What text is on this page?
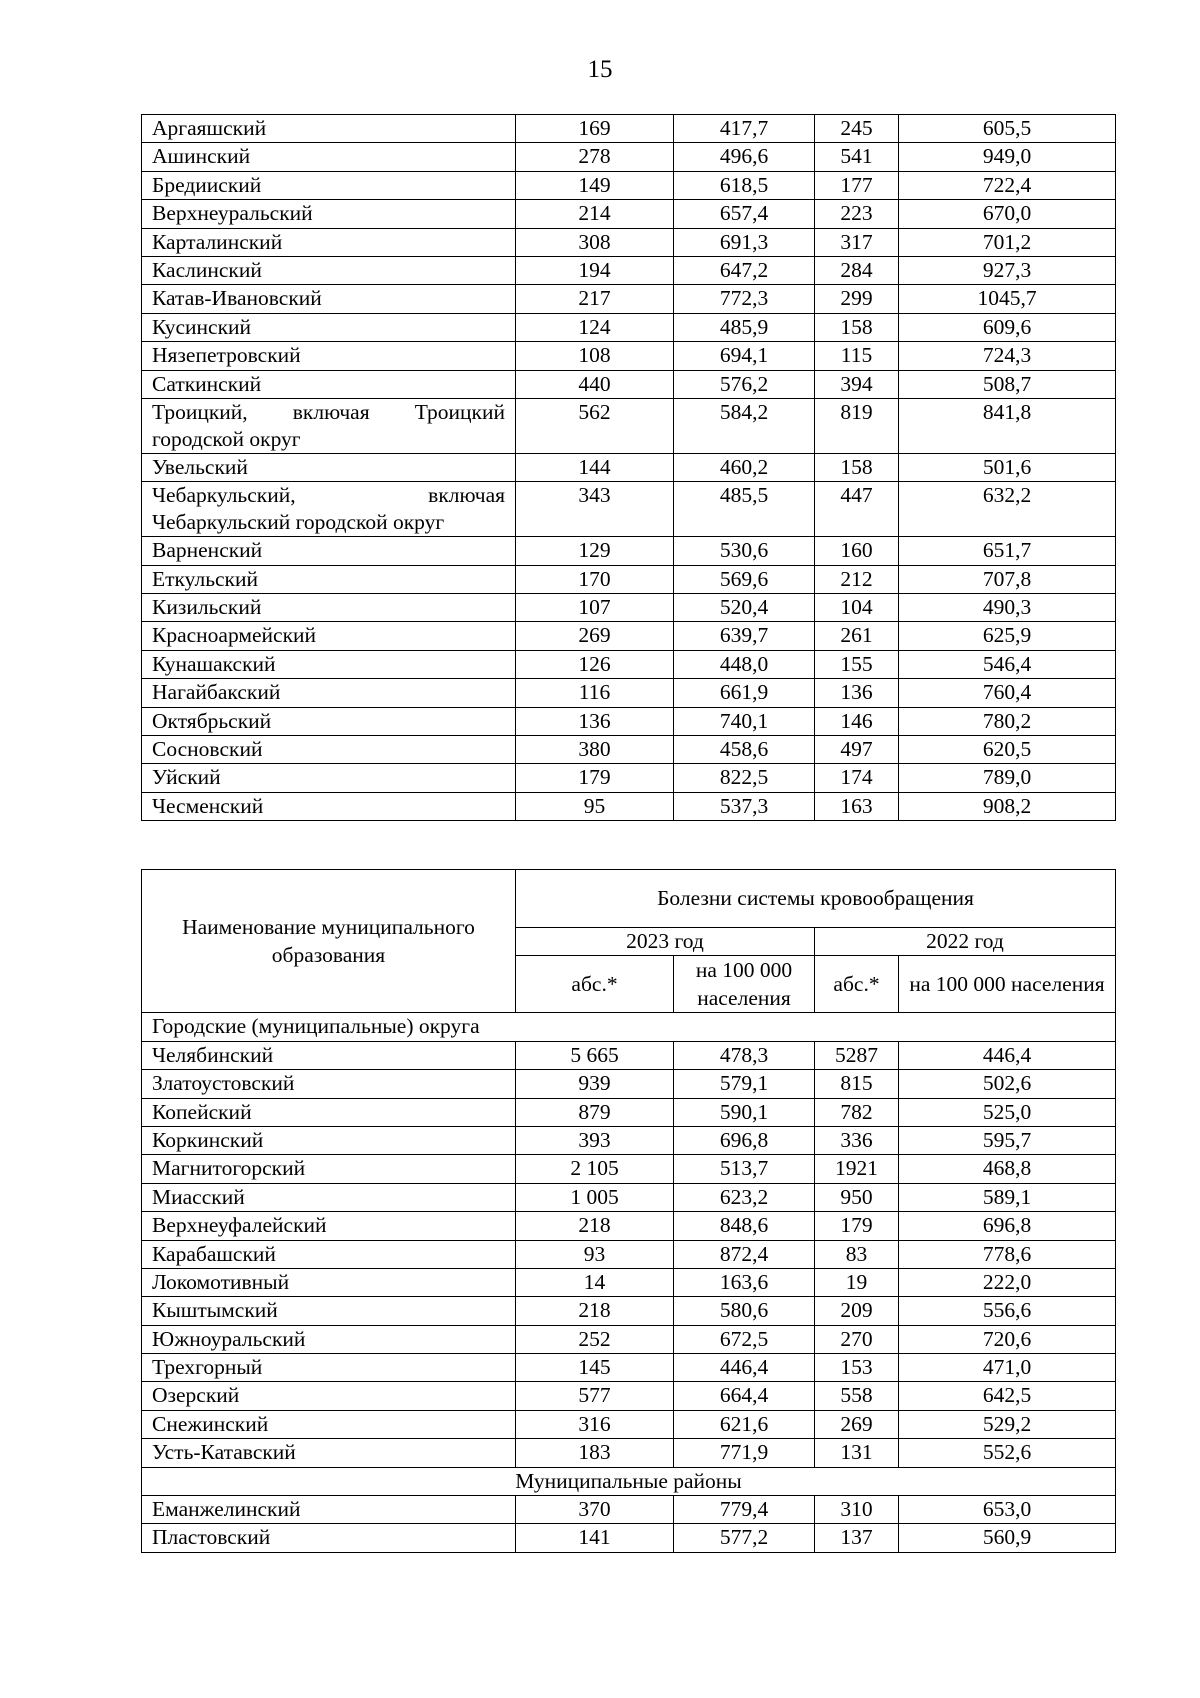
15
Аргаяшский	169	417,7	245	605,5
Ашинский	278	496,6	541	949,0
Бредииский	149	618,5	177	722,4
Верхнеуральский	214	657,4	223	670,0
Карталинский	308	691,3	317	701,2
Каслинский	194	647,2	284	927,3
Катав-Ивановский	217	772,3	299	1045,7
Кусинский	124	485,9	158	609,6
Нязепетровский	108	694,1	115	724,3
Саткинский	440	576,2	394	508,7
Троицкий, включая Троицкий городской округ	562	584,2	819	841,8
Увельский	144	460,2	158	501,6
Чебаркульский, включая Чебаркульский городской округ	343	485,5	447	632,2
Варненский	129	530,6	160	651,7
Еткульский	170	569,6	212	707,8
Кизильский	107	520,4	104	490,3
Красноармейский	269	639,7	261	625,9
Кунашакский	126	448,0	155	546,4
Нагайбакский	116	661,9	136	760,4
Октябрьский	136	740,1	146	780,2
Сосновский	380	458,6	497	620,5
Уйский	179	822,5	174	789,0
Чесменский	95	537,3	163	908,2
Наименование муниципального образования	Болезни системы кровообращения			
	2023 год		2022 год	
	абс.*	на 100 000 населения	абс.*	на 100 000 населения
Городские (муниципальные) округа				
Челябинский	5 665	478,3	5287	446,4
Златоустовский	939	579,1	815	502,6
Копейский	879	590,1	782	525,0
Коркинский	393	696,8	336	595,7
Магнитогорский	2 105	513,7	1921	468,8
Миасский	1 005	623,2	950	589,1
Верхнеуфалейский	218	848,6	179	696,8
Карабашский	93	872,4	83	778,6
Локомотивный	14	163,6	19	222,0
Кыштымский	218	580,6	209	556,6
Южноуральский	252	672,5	270	720,6
Трехгорный	145	446,4	153	471,0
Озерский	577	664,4	558	642,5
Снежинский	316	621,6	269	529,2
Усть-Катавский	183	771,9	131	552,6
Муниципальные районы				
Еманжелинский	370	779,4	310	653,0
Пластовский	141	577,2	137	560,9
